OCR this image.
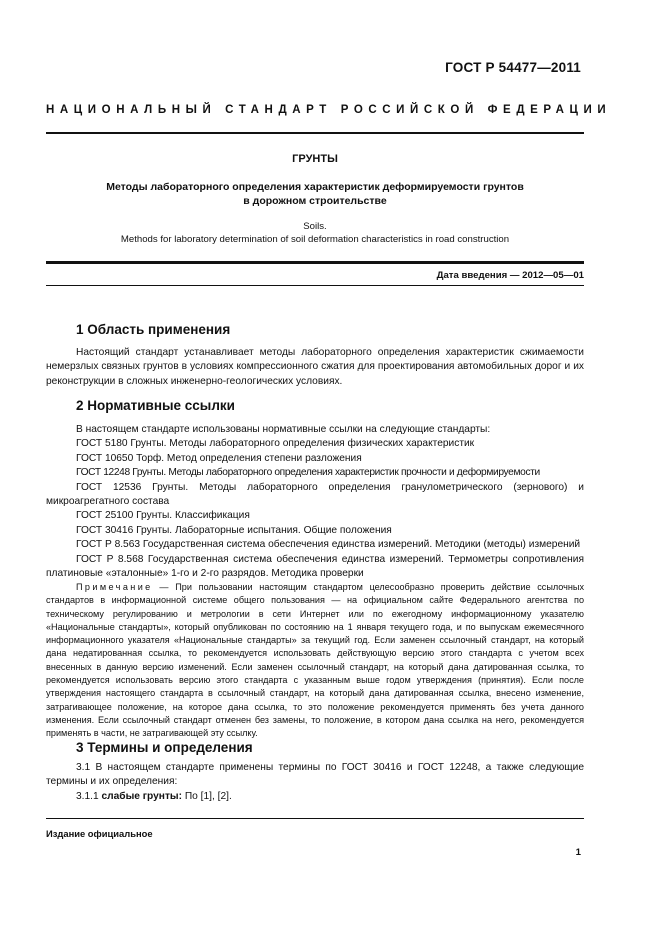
ГОСТ Р 54477—2011
НАЦИОНАЛЬНЫЙ СТАНДАРТ РОССИЙСКОЙ ФЕДЕРАЦИИ
ГРУНТЫ
Методы лабораторного определения характеристик деформируемости грунтов
в дорожном строительстве
Soils.
Methods for laboratory determination of soil deformation characteristics in road construction
Дата введения — 2012—05—01
1 Область применения

Настоящий стандарт устанавливает методы лабораторного определения характеристик сжимаемости немерзлых связных грунтов в условиях компрессионного сжатия для проектирования автомобильных дорог и их реконструкции в сложных инженерно-геологических условиях.

2 Нормативные ссылки

В настоящем стандарте использованы нормативные ссылки на следующие стандарты:

ГОСТ 5180 Грунты. Методы лабораторного определения физических характеристик

ГОСТ 10650 Торф. Метод определения степени разложения

ГОСТ 12248 Грунты. Методы лабораторного определения характеристик прочности и деформируемости

ГОСТ 12536 Грунты. Методы лабораторного определения гранулометрического (зернового) и микроагрегатного состава

ГОСТ 25100 Грунты. Классификация

ГОСТ 30416 Грунты. Лабораторные испытания. Общие положения

ГОСТ Р 8.563 Государственная система обеспечения единства измерений. Методики (методы) измерений

ГОСТ Р 8.568 Государственная система обеспечения единства измерений. Термометры сопротивления платиновые «эталонные» 1-го и 2-го разрядов. Методика проверки

Примечание — При пользовании настоящим стандартом целесообразно проверить действие ссылочных стандартов в информационной системе общего пользования — на официальном сайте Федерального агентства по техническому регулированию и метрологии в сети Интернет или по ежегодному информационному указателю «Национальные стандарты», который опубликован по состоянию на 1 января текущего года, и по выпускам ежемесячного информационного указателя «Национальные стандарты» за текущий год. Если заменен ссылочный стандарт, на который дана недатированная ссылка, то рекомендуется использовать действующую версию этого стандарта с учетом всех внесенных в данную версию изменений. Если заменен ссылочный стандарт, на который дана датированная ссылка, то рекомендуется использовать версию этого стандарта с указанным выше годом утверждения (принятия). Если после утверждения настоящего стандарта в ссылочный стандарт, на который дана датированная ссылка, внесено изменение, затрагивающее положение, на которое дана ссылка, то это положение рекомендуется применять без учета данного изменения. Если ссылочный стандарт отменен без замены, то положение, в котором дана ссылка на него, рекомендуется применять в части, не затрагивающей эту ссылку.

3 Термины и определения

3.1 В настоящем стандарте применены термины по ГОСТ 30416 и ГОСТ 12248, а также следующие термины и их определения:

3.1.1 слабые грунты: По [1], [2].

Издание официальное
1
